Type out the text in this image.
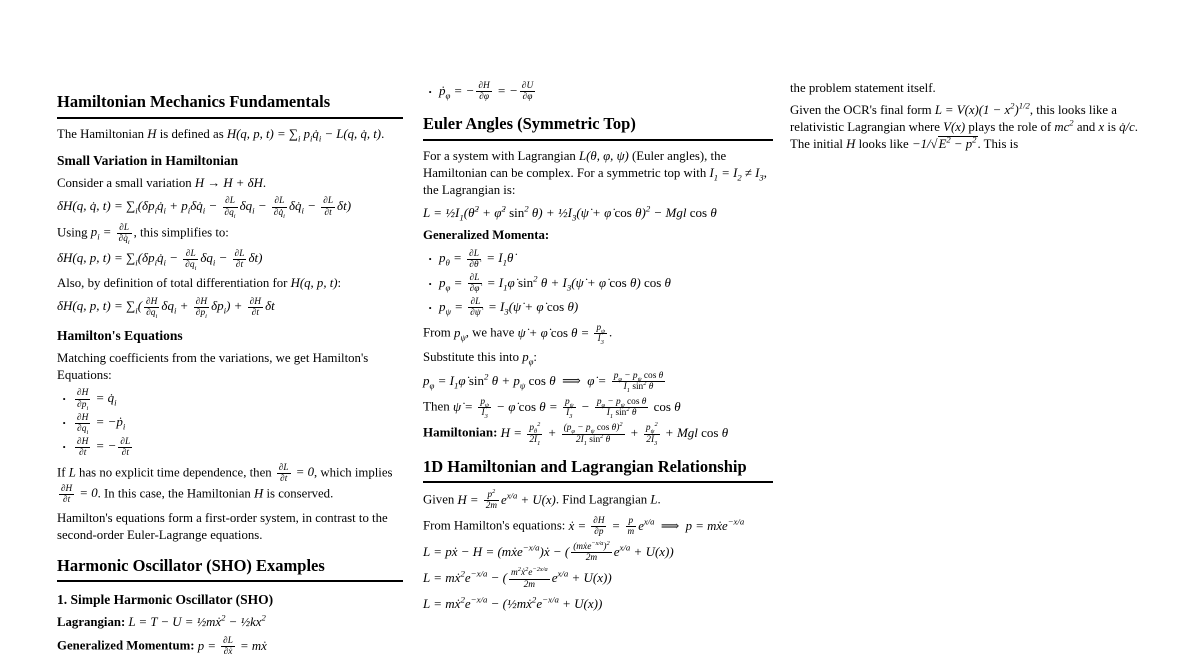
Hamiltonian Mechanics Fundamentals

The Hamiltonian H is defined as H(q, p, $t) = \sum_i$ $p_iq̇_i - L(q$, q̇, t).

Small Variation in Hamiltonian

Consider a small variation H → H + δH.

δH(q, q̇, $t) = \sum_i(\delta p_iq̇_i$ + $p_i\delta q̇_i - \frac{\partial L}{\partial q_i} \delta q_i - \frac{\partial L}{\partial q̇_i}$ $\delta q̇_i - \frac{\partial L}{\partial t} \delta t$)

Using $p_i = \frac{\partial L}{\partial q̇_i}$ , this simplifies to:

δH(q, p, $t) = \sum_i(\delta p_iq̇_i - \frac{\partial L}{\partial q_i} \delta q_i - \frac{\partial L}{\partial t} \delta t)$

Also, by definition of total differentiation for H(q, p, t):

δH(q, p, $t) = \sum_i( \frac{\partial H}{\partial q_i} \delta q_i + \frac{\partial H}{\partial p_i} \delta p_i) + \frac{\partial H}{\partial t}$ δt
Hamilton's Equations

Matching coefficients from the variations, we get Hamilton's Equations:

· $\frac{\partial H}{\partial p_i}$ = $q̇_i$
· $\frac{\partial H}{\partial q_i}$ = −ṗ$_i$
· $\frac{\partial H}{\partial t}$ = − $\frac{\partial L}{\partial t}$

If L has no explicit time dependence, then $\frac{\partial L}{\partial t} = 0$, which implies
$\frac{\partial H}{\partial t} = 0$. In this case, the Hamiltonian H is conserved.

Hamilton's equations form a first-order system, in contrast to the second-order Euler-Lagrange equations.

Harmonic Oscillator (SHO) Examples
1. Simple Harmonic Oscillator (SHO)

Lagrangian: L = T − U = ½mẋ$^2$ − $\frac{1}{2}kx^2$

Generalized Momentum: $p = \frac{\partial L}{\text{∂ẋ}}$ = mẋ

· ṗ$_\varphi$ = − $\frac{\partial H}{\partial\varphi}$ = − $\frac{\partial U}{\partial\varphi}$
Euler Angles (Symmetric Top)

For a system with Lagrangian L(θ, φ, ψ) (Euler angles), the Hamiltonian can be complex. For a symmetric top with $I_1 = I_2 \ne I_3$, the Lagrangian is:

$L = \frac{1}{2}I_1(\thetȧ^2$ + φ̇$^2$ $\sin^2 \theta$) + $\frac{1}{2}I_3(\psi̇$ + φ̇ cos θ)$^2$ − Mgl cos θ

Generalized Momenta:

· $p_\theta = \frac{\partial L}{\partial\thetȧ}$ = $I_1\thetȧ$
· $p_\varphi = \frac{\partial L}{\partial\varphi̇}$ = $I_1\varphi̇$ $\sin^2 \theta$ + $I_3(\psi̇$ + φ̇ cos θ) cos θ
· $p_\psi = \frac{\partial L}{\partial\psi̇}$ = $I_3(\psi̇$ + φ̇ cos θ)

From $p_\psi$, we have ψ̇ + φ̇ $\cos \theta = \frac{p_\psi}{I_3}$ .

Substitute this into $p_\varphi$:

$p_\varphi$ = $I_1\varphi̇$ $\sin^2 \theta + p_\psi$ cos θ  ⟹  φ̇ = $\frac{p_\varphi - p_\psi \cos \theta}{I_1 \sin^2 \theta}$
Then ψ̇ = $\frac{p_\psi}{I_3}$ − φ̇ $\cos \theta = \frac{p_\psi}{I_3} - \frac{p_\varphi - p_\psi \cos \theta}{I_1 \sin^2 \theta}$ cos θ
Hamiltonian: $H = \frac{p_\theta^2}{2I_1} + \frac{(p_\varphi - p_\psi \cos \theta)^2}{2I_1 \sin^2 \theta} + \frac{p_\psi^2}{2I_3}$ + Mgl cos θ
1D Hamiltonian and Lagrangian Relationship

Given $H = \frac{p^2}{2m} e^{x/a} + U(x)$. Find Lagrangian L.

From Hamilton's equations: ẋ = $\frac{\partial H}{\partial p} = \frac{p}{m} e^{x/a}$  ⟹  p = mẋe$^{-x/a}$

L = pẋ − H = (mẋe$^{-x/a}$)ẋ − ( (mẋe$^{-x/a}$)$^2$
2m	$e^{x/a} + U(x)$)
$L = mẋ^2e^{-x/a}$ − ( $\frac{m^2ẋ^2e^{-2x/a}}{2m} e^{x/a} + U(x)$)
$L = mẋ^2e^{-x/a}$ − $(\frac{1}{2}mẋ^2e^{-x/a} + U(x))$

the problem statement itself.

Given the OCR's final form $L = V(x)(1 - x^2)^{1/2}$, this looks like a relativistic Lagrangian where V(x) plays the role of $mc^2$ and x is q̇/c. The initial H looks like $-1/√E^2 - p^2$. This is
